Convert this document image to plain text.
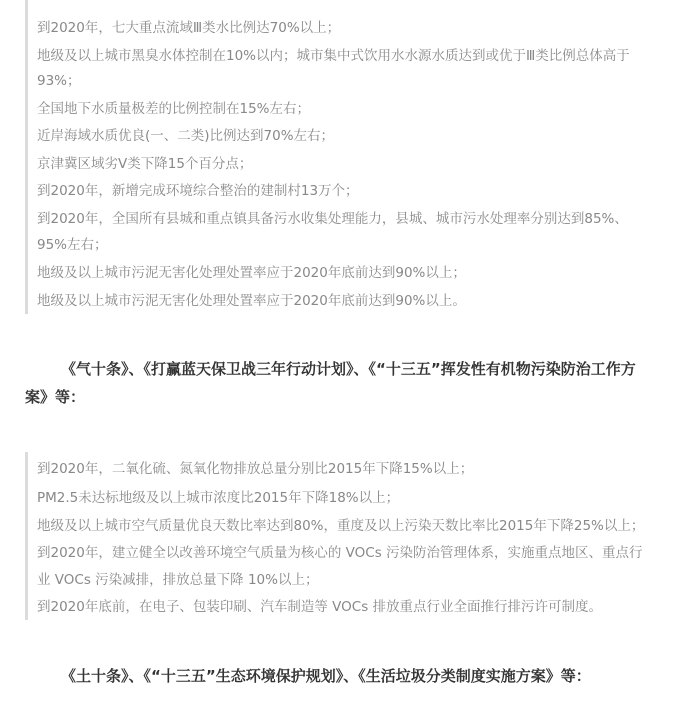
到2020年，七大重点流域Ⅲ类水比例达70%以上；
地级及以上城市黑臭水体控制在10%以内；城市集中式饮用水水源水质达到或优于Ⅲ类比例总体高于
93%；
全国地下水质量极差的比例控制在15%左右；
近岸海域水质优良(一、二类)比例达到70%左右；
京津冀区域劣V类下降15个百分点；
到2020年，新增完成环境综合整治的建制村13万个；
到2020年，全国所有县城和重点镇具备污水收集处理能力，县城、城市污水处理率分别达到85%、
95%左右；
地级及以上城市污泥无害化处理处置率应于2020年底前达到90%以上；
地级及以上城市污泥无害化处理处置率应于2020年底前达到90%以上。
《气十条》、《打赢蓝天保卫战三年行动计划》、《“十三五”挥发性有机物污染防治工作方
案》等：
到2020年，二氧化硫、氮氧化物排放总量分别比2015年下降15%以上；
PM2.5未达标地级及以上城市浓度比2015年下降18%以上；
地级及以上城市空气质量优良天数比率达到80%，重度及以上污染天数比率比2015年下降25%以上；
到2020年，建立健全以改善环境空气质量为核心的 VOCs 污染防治管理体系，实施重点地区、重点行
业 VOCs 污染减排，排放总量下降 10%以上；
到2020年底前，在电子、包装印刷、汽车制造等 VOCs 排放重点行业全面推行排污许可制度。
《土十条》、《“十三五”生态环境保护规划》、《生活垃圾分类制度实施方案》等：
